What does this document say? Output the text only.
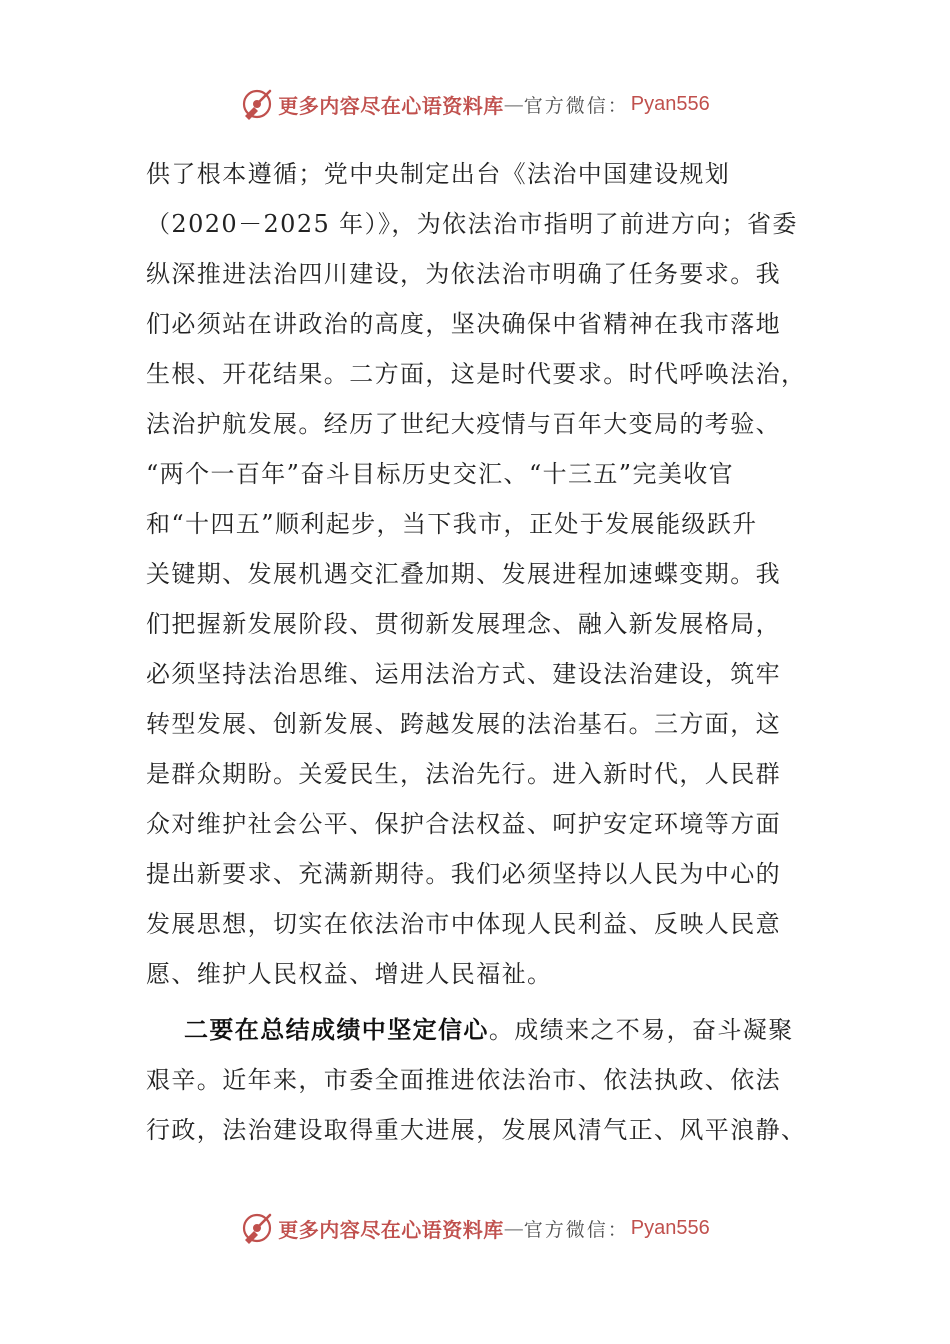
更多内容尽在心语资料库 — 官方微信： Pyan556
供了根本遵循；党中央制定出台《法治中国建设规划
（2020－2025 年）》，为依法治市指明了前进方向；省委
纵深推进法治四川建设，为依法治市明确了任务要求。我
们必须站在讲政治的高度，坚决确保中省精神在我市落地
生根、开花结果。二方面，这是时代要求。时代呼唤法治，
法治护航发展。经历了世纪大疫情与百年大变局的考验、
“两个一百年”奋斗目标历史交汇、“十三五”完美收官
和“十四五”顺利起步，当下我市，正处于发展能级跃升
关键期、发展机遇交汇叠加期、发展进程加速蝶变期。我
们把握新发展阶段、贯彻新发展理念、融入新发展格局，
必须坚持法治思维、运用法治方式、建设法治建设，筑牢
转型发展、创新发展、跨越发展的法治基石。三方面，这
是群众期盼。关爱民生，法治先行。进入新时代，人民群
众对维护社会公平、保护合法权益、呵护安定环境等方面
提出新要求、充满新期待。我们必须坚持以人民为中心的
发展思想，切实在依法治市中体现人民利益、反映人民意
愿、维护人民权益、增进人民福祉。
二要在总结成绩中坚定信心。成绩来之不易，奋斗凝聚
艰辛。近年来，市委全面推进依法治市、依法执政、依法
行政，法治建设取得重大进展，发展风清气正、风平浪静、
更多内容尽在心语资料库 — 官方微信： Pyan556
